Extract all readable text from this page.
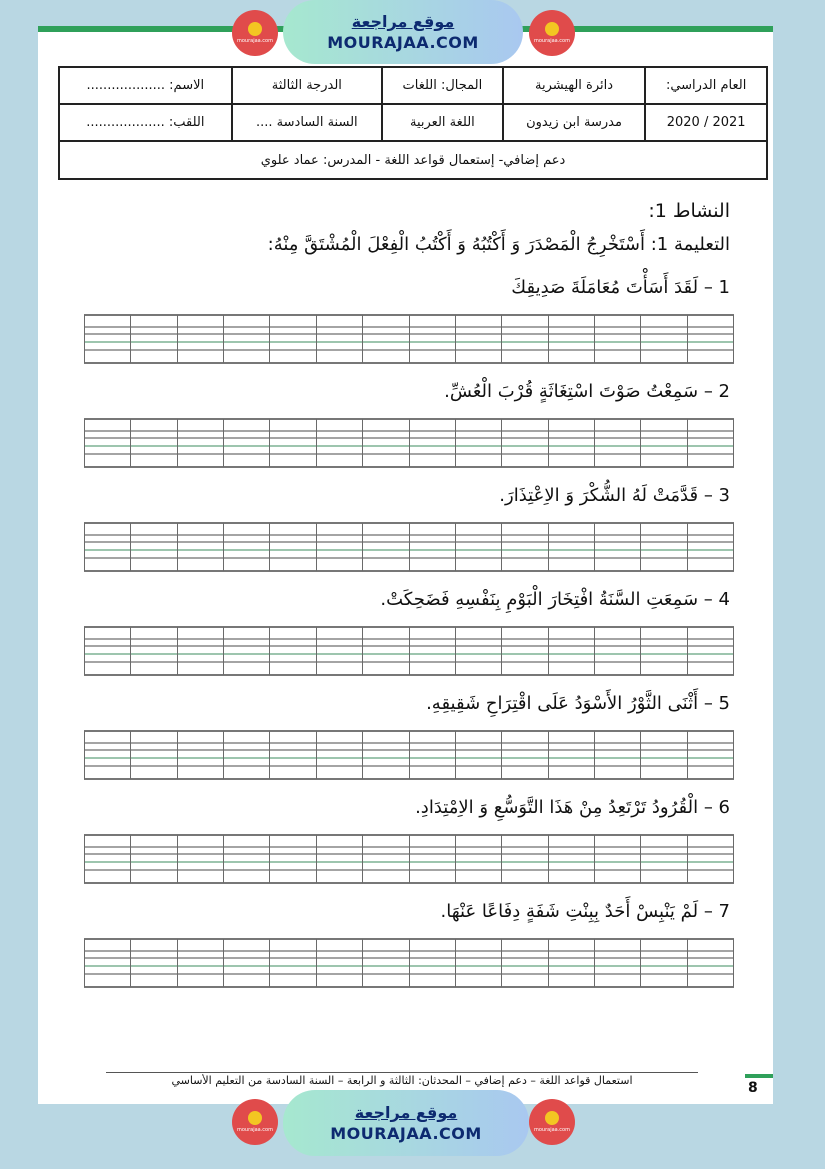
mourajaa.com
موقع مراجعة
MOURAJAA.COM	mourajaa.com
العام الدراسي:	دائرة الهيشرية	المجال: اللغات	الدرجة الثالثة	الاسم: ...................
2021 / 2020	مدرسة ابن زيدون	اللغة العربية	السنة السادسة ....	اللقب: ...................
دعم إضافي- إستعمال قواعد اللغة - المدرس: عماد علوي				
النشاط 1:
التعليمة 1: أَسْتَخْرِجُ الْمَصْدَرَ وَ أَكْتُبُهُ وَ أَكْتُبُ الْفِعْلَ الْمُشْتَقَّ مِنْهُ:
1 – لَقَدَ أَسَأْتَ مُعَامَلَةَ صَدِيقِكَ
2 – سَمِعْتُ صَوْتَ اسْتِغَاثَةٍ قُرْبَ الْعُشِّ.
3 – قَدَّمَتْ لَهُ الشُّكْرَ وَ الاِعْتِذَارَ.
4 – سَمِعَتِ السَّنَةُ افْتِخَارَ الْبَوْمِ بِنَفْسِهِ فَضَحِكَتْ.
5 – أَثْنَى الثَّوْرُ الأَسْوَدُ عَلَى اقْتِرَاحِ شَقِيقِهِ.
6 – الْقُرُودُ تَرْتَعِدُ مِنْ هَذَا التَّوَسُّعِ وَ الاِمْتِدَادِ.
7 – لَمْ يَنْبِسْ أَحَدٌ بِبِنْتِ شَفَةٍ دِفَاعًا عَنْهَا.
استعمال قواعد اللغة – دعم إضافي – المحدثان: الثالثة و الرابعة – السنة السادسة من التعليم الأساسي	8
mourajaa.com
موقع مراجعة
MOURAJAA.COM	mourajaa.com
